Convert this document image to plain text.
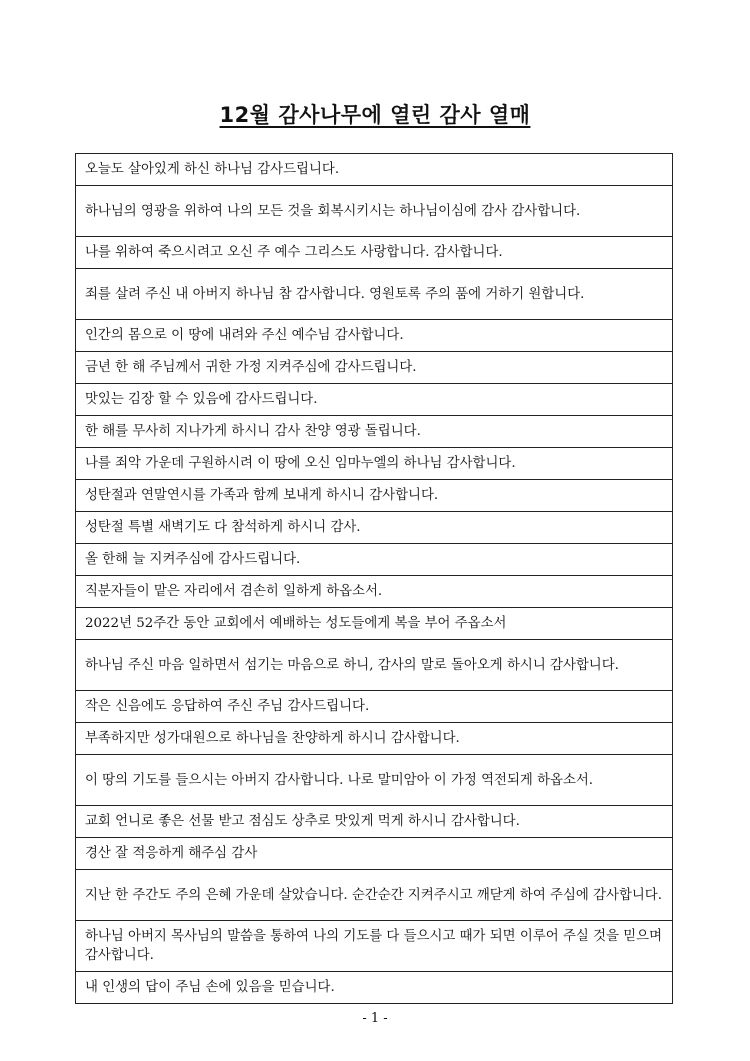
12월 감사나무에 열린 감사 열매
오늘도 살아있게 하신 하나님 감사드립니다.
하나님의 영광을 위하여 나의 모든 것을 회복시키시는 하나님이심에 감사 감사합니다.
나를 위하여 죽으시려고 오신 주 예수 그리스도 사랑합니다. 감사합니다.
죄를 살려 주신 내 아버지 하나님 참 감사합니다. 영원토록 주의 품에 거하기 원합니다.
인간의 몸으로 이 땅에 내려와 주신 예수님 감사합니다.
금년 한 해 주님께서 귀한 가정 지켜주심에 감사드립니다.
맛있는 김장 할 수 있음에 감사드립니다.
한 해를 무사히 지나가게 하시니 감사 찬양 영광 돌립니다.
나를 죄악 가운데 구원하시려 이 땅에 오신 임마누엘의 하나님 감사합니다.
성탄절과 연말연시를 가족과 함께 보내게 하시니 감사합니다.
성탄절 특별 새벽기도 다 참석하게 하시니 감사.
올 한해 늘 지켜주심에 감사드립니다.
직분자들이 맡은 자리에서 겸손히 일하게 하옵소서.
2022년 52주간 동안 교회에서 예배하는 성도들에게 복을 부어 주옵소서
하나님 주신 마음 일하면서 섬기는 마음으로 하니, 감사의 말로 돌아오게 하시니 감사합니다.
작은 신음에도 응답하여 주신 주님 감사드립니다.
부족하지만 성가대원으로 하나님을 찬양하게 하시니 감사합니다.
이 땅의 기도를 들으시는 아버지 감사합니다. 나로 말미암아 이 가정 역전되게 하옵소서.
교회 언니로 좋은 선물 받고 점심도 상추로 맛있게 먹게 하시니 감사합니다.
경산 잘 적응하게 해주심 감사
지난 한 주간도 주의 은혜 가운데 살았습니다. 순간순간 지켜주시고 깨닫게 하여 주심에 감사합니다.
하나님 아버지 목사님의 말씀을 통하여 나의 기도를 다 들으시고 때가 되면 이루어 주실 것을 믿으며 감사합니다.
내 인생의 답이 주님 손에 있음을 믿습니다.
- 1 -
